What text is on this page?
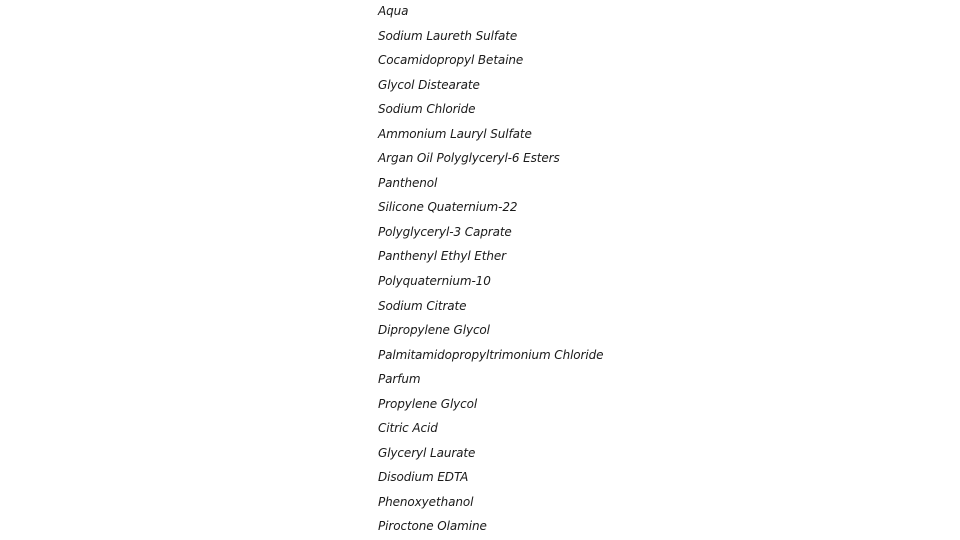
Aqua
Sodium Laureth Sulfate
Cocamidopropyl Betaine
Glycol Distearate
Sodium Chloride
Ammonium Lauryl Sulfate
Argan Oil Polyglyceryl-6 Esters
Panthenol
Silicone Quaternium-22
Polyglyceryl-3 Caprate
Panthenyl Ethyl Ether
Polyquaternium-10
Sodium Citrate
Dipropylene Glycol
Palmitamidopropyltrimonium Chloride
Parfum
Propylene Glycol
Citric Acid
Glyceryl Laurate
Disodium EDTA
Phenoxyethanol
Piroctone Olamine
